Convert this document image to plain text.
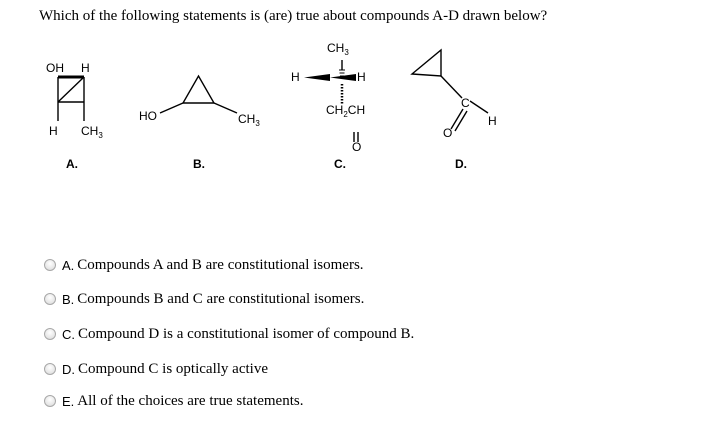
Which of the following statements is (are) true about compounds A-D drawn below?
OH H
H $CH_3$
A.
HO	$CH_3$
B.
$CH_3$
H	H
$CH_2CH$
O
C.
C
O
H
D.
A. Compounds A and B are constitutional isomers.
B. Compounds B and C are constitutional isomers.
C. Compound D is a constitutional isomer of compound B.
D. Compound C is optically active
E. All of the choices are true statements.
